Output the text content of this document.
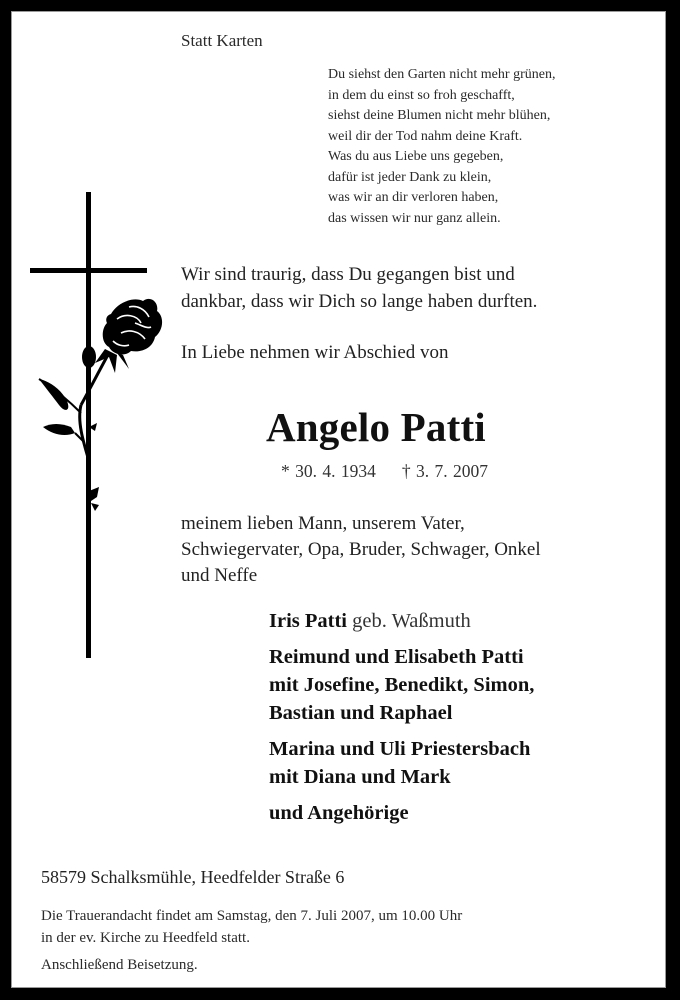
Statt Karten
Du siehst den Garten nicht mehr grünen,
in dem du einst so froh geschafft,
siehst deine Blumen nicht mehr blühen,
weil dir der Tod nahm deine Kraft.
Was du aus Liebe uns gegeben,
dafür ist jeder Dank zu klein,
was wir an dir verloren haben,
das wissen wir nur ganz allein.
Wir sind traurig, dass Du gegangen bist und
dankbar, dass wir Dich so lange haben durften.
In Liebe nehmen wir Abschied von
Angelo Patti
* 30. 4. 1934 † 3. 7. 2007
meinem lieben Mann, unserem Vater,
Schwiegervater, Opa, Bruder, Schwager, Onkel
und Neffe
Iris Patti geb. Waßmuth
Reimund und Elisabeth Patti
mit Josefine, Benedikt, Simon,
Bastian und Raphael
Marina und Uli Priestersbach
mit Diana und Mark
und Angehörige
58579 Schalksmühle, Heedfelder Straße 6
Die Trauerandacht findet am Samstag, den 7. Juli 2007, um 10.00 Uhr
in der ev. Kirche zu Heedfeld statt.
Anschließend Beisetzung.
